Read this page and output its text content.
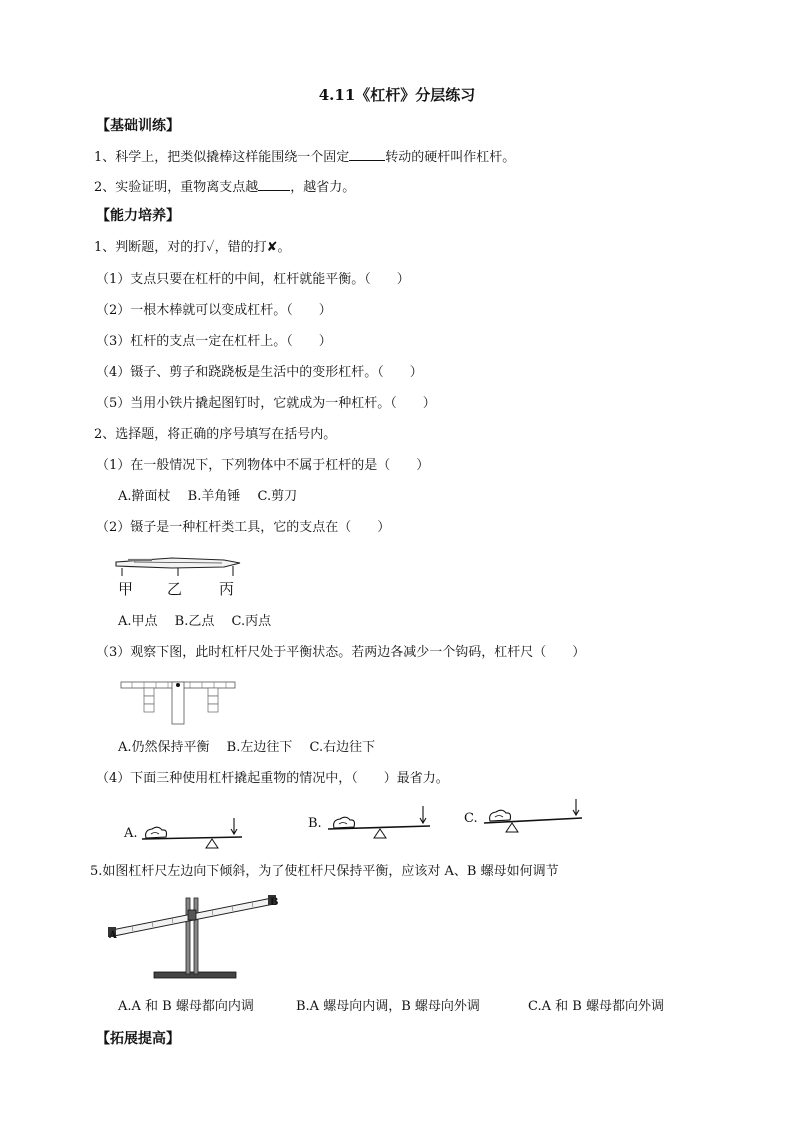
4.11《杠杆》分层练习
【基础训练】
1、科学上，把类似撬棒这样能围绕一个固定	转动的硬杆叫作杠杆。
2、实验证明，重物离支点越 ，越省力。
【能力培养】
1、判断题，对的打✓，错的打✘。
（1）支点只要在杠杆的中间，杠杆就能平衡。（　　）
（2）一根木棒就可以变成杠杆。（　　）
（3）杠杆的支点一定在杠杆上。（　　）
（4）镊子、剪子和跷跷板是生活中的变形杠杆。（　　）
（5）当用小铁片撬起图钉时，它就成为一种杠杆。（　　）
2、选择题，将正确的序号填写在括号内。
（1）在一般情况下，下列物体中不属于杠杆的是（　　）
A.擀面杖　 B.羊角锤　 C.剪刀
（2）镊子是一种杠杆类工具，它的支点在（　　）
甲 乙 丙
A.甲点　 B.乙点　 C.丙点
（3）观察下图，此时杠杆尺处于平衡状态。若两边各减少一个钩码，杠杆尺（　　）
A.仍然保持平衡　 B.左边往下　 C.右边往下
（4）下面三种使用杠杆撬起重物的情况中，（　　）最省力。
A.
B.	C.
5.如图杠杆尺左边向下倾斜，为了使杠杆尺保持平衡，应该对 A、B 螺母如何调节
A
B
A.A 和 B 螺母都向内调	B.A 螺母向内调，B 螺母向外调	C.A 和 B 螺母都向外调
【拓展提高】
